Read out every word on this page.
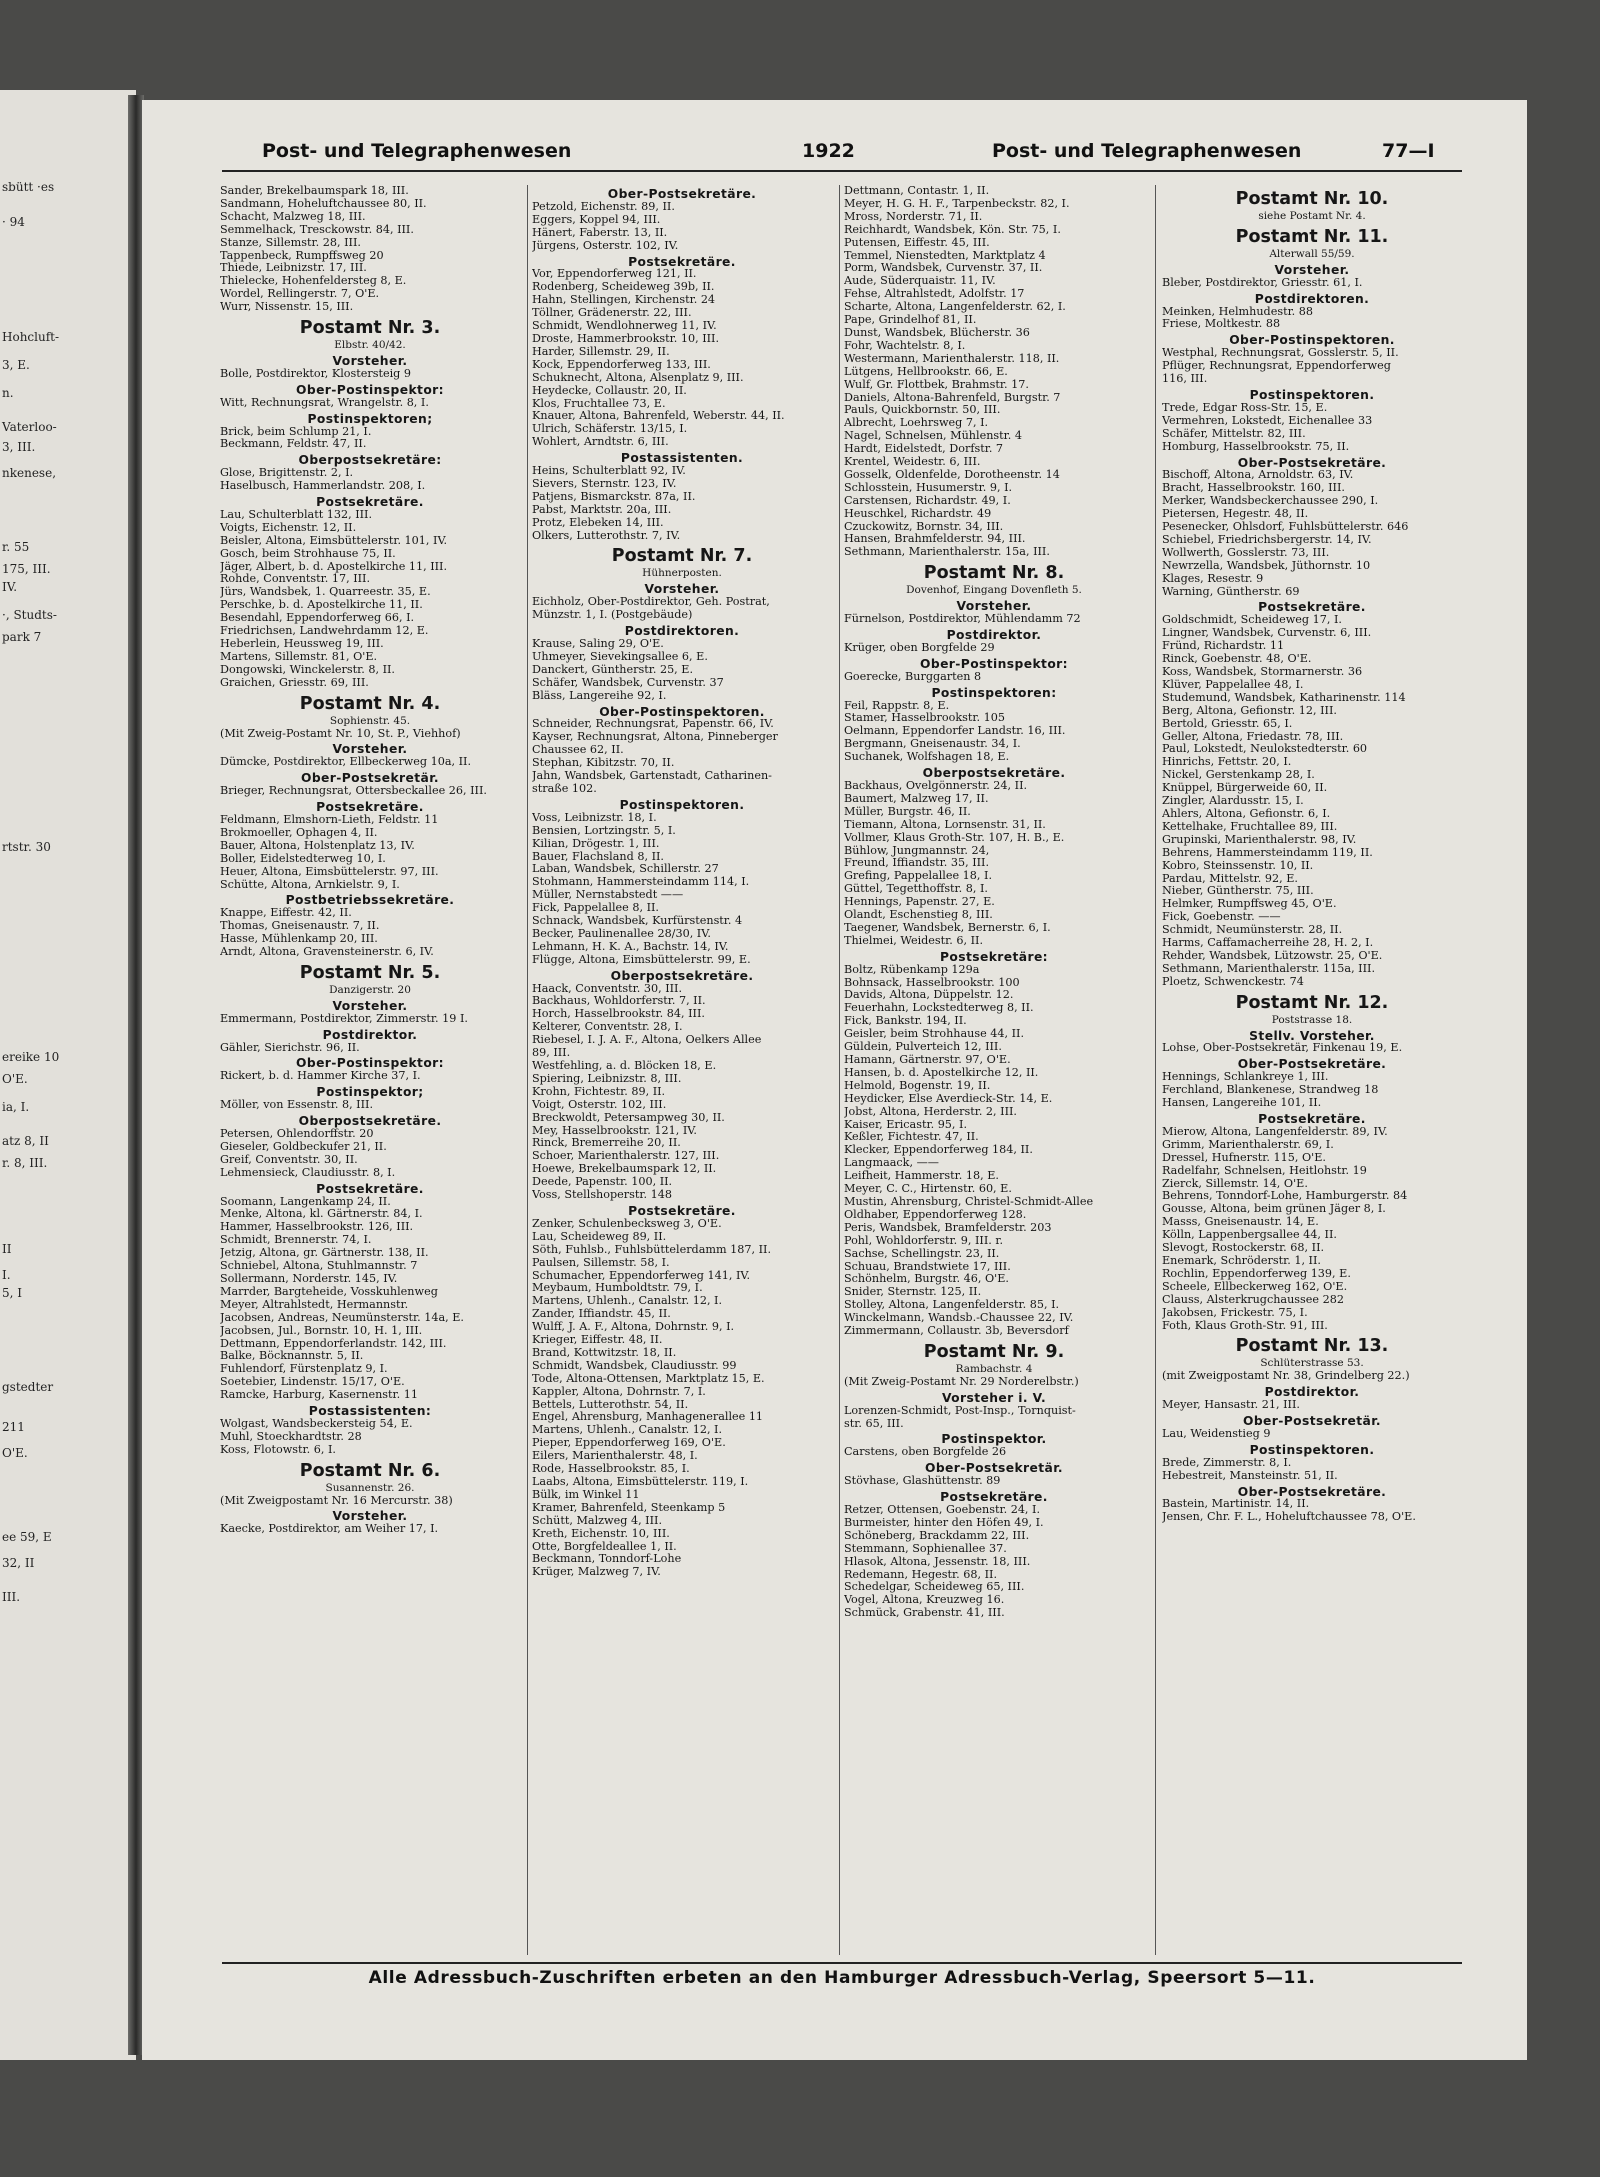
sbütt ·es
· 94
Hohcluft-
3, E.
n.
Vaterloo-
3, III.
nkenese,
r. 55
175, III.
IV.
·, Studts-
park 7
rtstr. 30
ereike 10
O'E.
ia, I.
atz 8, II
r. 8, III.
II
I.
5, I
gstedter
211
O'E.
ee 59, E
32, II
III.
Post- und Telegraphenwesen	1922	Post- und Telegraphenwesen	77—I
Sander, Brekelbaumspark 18, III.
Sandmann, Hoheluftchaussee 80, II.
Schacht, Malzweg 18, III.
Semmelhack, Tresckowstr. 84, III.
Stanze, Sillemstr. 28, III.
Tappenbeck, Rumpffsweg 20
Thiede, Leibnizstr. 17, III.
Thielecke, Hohenfeldersteg 8, E.
Wordel, Rellingerstr. 7, O'E.
Wurr, Nissenstr. 15, III.
Postamt Nr. 3.
Elbstr. 40/42.
Vorsteher.
Bolle, Postdirektor, Klostersteig 9
Ober-Postinspektor:
Witt, Rechnungsrat, Wrangelstr. 8, I.
Postinspektoren;
Brick, beim Schlump 21, I.
Beckmann, Feldstr. 47, II.
Oberpostsekretäre:
Glose, Brigittenstr. 2, I.
Haselbusch, Hammerlandstr. 208, I.
Postsekretäre.
Lau, Schulterblatt 132, III.
Voigts, Eichenstr. 12, II.
Beisler, Altona, Eimsbüttelerstr. 101, IV.
Gosch, beim Strohhause 75, II.
Jäger, Albert, b. d. Apostelkirche 11, III.
Rohde, Conventstr. 17, III.
Jürs, Wandsbek, 1. Quarreestr. 35, E.
Perschke, b. d. Apostelkirche 11, II.
Besendahl, Eppendorferweg 66, I.
Friedrichsen, Landwehrdamm 12, E.
Heberlein, Heussweg 19, III.
Martens, Sillemstr. 81, O'E.
Dongowski, Winckelerstr. 8, II.
Graichen, Griesstr. 69, III.
Postamt Nr. 4.
Sophienstr. 45.
(Mit Zweig-Postamt Nr. 10, St. P., Viehhof)
Vorsteher.
Dümcke, Postdirektor, Ellbeckerweg 10a, II.
Ober-Postsekretär.
Brieger, Rechnungsrat, Ottersbeckallee 26, III.
Postsekretäre.
Feldmann, Elmshorn-Lieth, Feldstr. 11
Brokmoeller, Ophagen 4, II.
Bauer, Altona, Holstenplatz 13, IV.
Boller, Eidelstedterweg 10, I.
Heuer, Altona, Eimsbüttelerstr. 97, III.
Schütte, Altona, Arnkielstr. 9, I.
Postbetriebssekretäre.
Knappe, Eiffestr. 42, II.
Thomas, Gneisenaustr. 7, II.
Hasse, Mühlenkamp 20, III.
Arndt, Altona, Gravensteinerstr. 6, IV.
Postamt Nr. 5.
Danzigerstr. 20
Vorsteher.
Emmermann, Postdirektor, Zimmerstr. 19 I.
Postdirektor.
Gähler, Sierichstr. 96, II.
Ober-Postinspektor:
Rickert, b. d. Hammer Kirche 37, I.
Postinspektor;
Möller, von Essenstr. 8, III.
Oberpostsekretäre.
Petersen, Ohlendorffstr. 20
Gieseler, Goldbeckufer 21, II.
Greif, Conventstr. 30, II.
Lehmensieck, Claudiusstr. 8, I.
Postsekretäre.
Soomann, Langenkamp 24, II.
Menke, Altona, kl. Gärtnerstr. 84, I.
Hammer, Hasselbrookstr. 126, III.
Schmidt, Brennerstr. 74, I.
Jetzig, Altona, gr. Gärtnerstr. 138, II.
Schniebel, Altona, Stuhlmannstr. 7
Sollermann, Norderstr. 145, IV.
Marrder, Bargteheide, Vosskuhlenweg
Meyer, Altrahlstedt, Hermannstr.
Jacobsen, Andreas, Neumünsterstr. 14a, E.
Jacobsen, Jul., Bornstr. 10, H. 1, III.
Dettmann, Eppendorferlandstr. 142, III.
Balke, Böcknannstr. 5, II.
Fuhlendorf, Fürstenplatz 9, I.
Soetebier, Lindenstr. 15/17, O'E.
Ramcke, Harburg, Kasernenstr. 11
Postassistenten:
Wolgast, Wandsbeckersteig 54, E.
Muhl, Stoeckhardtstr. 28
Koss, Flotowstr. 6, I.
Postamt Nr. 6.
Susannenstr. 26.
(Mit Zweigpostamt Nr. 16 Mercurstr. 38)
Vorsteher.
Kaecke, Postdirektor, am Weiher 17, I.
Ober-Postsekretäre.
Petzold, Eichenstr. 89, II.
Eggers, Koppel 94, III.
Hänert, Faberstr. 13, II.
Jürgens, Osterstr. 102, IV.
Postsekretäre.
Vor, Eppendorferweg 121, II.
Rodenberg, Scheideweg 39b, II.
Hahn, Stellingen, Kirchenstr. 24
Töllner, Grädenerstr. 22, III.
Schmidt, Wendlohnerweg 11, IV.
Droste, Hammerbrookstr. 10, III.
Harder, Sillemstr. 29, II.
Kock, Eppendorferweg 133, III.
Schuknecht, Altona, Alsenplatz 9, III.
Heydecke, Collaustr. 20, II.
Klos, Fruchtallee 73, E.
Knauer, Altona, Bahrenfeld, Weberstr. 44, II.
Ulrich, Schäferstr. 13/15, I.
Wohlert, Arndtstr. 6, III.
Postassistenten.
Heins, Schulterblatt 92, IV.
Sievers, Sternstr. 123, IV.
Patjens, Bismarckstr. 87a, II.
Pabst, Marktstr. 20a, III.
Protz, Elebeken 14, III.
Ölkers, Lutterothstr. 7, IV.
Postamt Nr. 7.
Hühnerposten.
Vorsteher.
Eichholz, Ober-Postdirektor, Geh. Postrat,
Münzstr. 1, I. (Postgebäude)
Postdirektoren.
Krause, Saling 29, O'E.
Uhmeyer, Sievekingsallee 6, E.
Danckert, Güntherstr. 25, E.
Schäfer, Wandsbek, Curvenstr. 37
Bläss, Langereihe 92, I.
Ober-Postinspektoren.
Schneider, Rechnungsrat, Papenstr. 66, IV.
Kayser, Rechnungsrat, Altona, Pinneberger
Chaussee 62, II.
Stephan, Kibitzstr. 70, II.
Jahn, Wandsbek, Gartenstadt, Catharinen-
straße 102.
Postinspektoren.
Voss, Leibnizstr. 18, I.
Bensien, Lortzingstr. 5, I.
Kilian, Drögestr. 1, III.
Bauer, Flachsland 8, II.
Laban, Wandsbek, Schillerstr. 27
Stohmann, Hammersteindamm 114, I.
Müller, Nernstabstedt ——
Fick, Pappelallee 8, II.
Schnack, Wandsbek, Kurfürstenstr. 4
Becker, Paulinenallee 28/30, IV.
Lehmann, H. K. A., Bachstr. 14, IV.
Flügge, Altona, Eimsbüttelerstr. 99, E.
Oberpostsekretäre.
Haack, Conventstr. 30, III.
Backhaus, Wohldorferstr. 7, II.
Horch, Hasselbrookstr. 84, III.
Kelterer, Conventstr. 28, I.
Riebesel, I. J. A. F., Altona, Oelkers Allee
89, III.
Westfehling, a. d. Blöcken 18, E.
Spiering, Leibnizstr. 8, III.
Krohn, Fichtestr. 89, II.
Voigt, Osterstr. 102, III.
Breckwoldt, Petersampweg 30, II.
Mey, Hasselbrookstr. 121, IV.
Rinck, Bremerreihe 20, II.
Schoer, Marienthalerstr. 127, III.
Hoewe, Brekelbaumspark 12, II.
Deede, Papenstr. 100, II.
Voss, Stellshoperstr. 148
Postsekretäre.
Zenker, Schulenbecksweg 3, O'E.
Lau, Scheideweg 89, II.
Söth, Fuhlsb., Fuhlsbüttelerdamm 187, II.
Paulsen, Sillemstr. 58, I.
Schumacher, Eppendorferweg 141, IV.
Meybaum, Humboldtstr. 79, I.
Martens, Uhlenh., Canalstr. 12, I.
Zander, Iffiandstr. 45, II.
Wulff, J. A. F., Altona, Dohrnstr. 9, I.
Krieger, Eiffestr. 48, II.
Brand, Kottwitzstr. 18, II.
Schmidt, Wandsbek, Claudiusstr. 99
Tode, Altona-Ottensen, Marktplatz 15, E.
Kappler, Altona, Dohrnstr. 7, I.
Bettels, Lutterothstr. 54, II.
Engel, Ahrensburg, Manhagenerallee 11
Martens, Uhlenh., Canalstr. 12, I.
Pieper, Eppendorferweg 169, O'E.
Eilers, Marienthalerstr. 48, I.
Rode, Hasselbrookstr. 85, I.
Laabs, Altona, Eimsbüttelerstr. 119, I.
Bülk, im Winkel 11
Kramer, Bahrenfeld, Steenkamp 5
Schütt, Malzweg 4, III.
Kreth, Eichenstr. 10, III.
Otte, Borgfeldeallee 1, II.
Beckmann, Tonndorf-Lohe
Krüger, Malzweg 7, IV.
Dettmann, Contastr. 1, II.
Meyer, H. G. H. F., Tarpenbeckstr. 82, I.
Mross, Norderstr. 71, II.
Reichhardt, Wandsbek, Kön. Str. 75, I.
Putensen, Eiffestr. 45, III.
Temmel, Nienstedten, Marktplatz 4
Porm, Wandsbek, Curvenstr. 37, II.
Aude, Süderquaistr. 11, IV.
Fehse, Altrahlstedt, Adolfstr. 17
Scharte, Altona, Langenfelderstr. 62, I.
Pape, Grindelhof 81, II.
Dunst, Wandsbek, Blücherstr. 36
Fohr, Wachtelstr. 8, I.
Westermann, Marienthalerstr. 118, II.
Lütgens, Hellbrookstr. 66, E.
Wulf, Gr. Flottbek, Brahmstr. 17.
Daniels, Altona-Bahrenfeld, Burgstr. 7
Pauls, Quickbornstr. 50, III.
Albrecht, Loehrsweg 7, I.
Nagel, Schnelsen, Mühlenstr. 4
Hardt, Eidelstedt, Dorfstr. 7
Krentel, Weidestr. 6, III.
Gosselk, Oldenfelde, Dorotheenstr. 14
Schlosstein, Husumerstr. 9, I.
Carstensen, Richardstr. 49, I.
Heuschkel, Richardstr. 49
Czuckowitz, Bornstr. 34, III.
Hansen, Brahmfelderstr. 94, III.
Sethmann, Marienthalerstr. 15a, III.
Postamt Nr. 8.
Dovenhof, Eingang Dovenfleth 5.
Vorsteher.
Fürnelson, Postdirektor, Mühlendamm 72
Postdirektor.
Krüger, oben Borgfelde 29
Ober-Postinspektor:
Goerecke, Burggarten 8
Postinspektoren:
Feil, Rappstr. 8, E.
Stamer, Hasselbrookstr. 105
Oelmann, Eppendorfer Landstr. 16, III.
Bergmann, Gneisenaustr. 34, I.
Suchanek, Wolfshagen 18, E.
Oberpostsekretäre.
Backhaus, Övelgönnerstr. 24, II.
Baumert, Malzweg 17, II.
Müller, Burgstr. 46, II.
Tiemann, Altona, Lornsenstr. 31, II.
Vollmer, Klaus Groth-Str. 107, H. B., E.
Bühlow, Jungmannstr. 24,
Freund, Iffiandstr. 35, III.
Grefing, Pappelallee 18, I.
Güttel, Tegetthoffstr. 8, I.
Hennings, Papenstr. 27, E.
Olandt, Eschenstieg 8, III.
Taegener, Wandsbek, Bernerstr. 6, I.
Thielmei, Weidestr. 6, II.
Postsekretäre:
Boltz, Rübenkamp 129a
Bohnsack, Hasselbrookstr. 100
Davids, Altona, Düppelstr. 12.
Feuerhahn, Lockstedterweg 8, II.
Fick, Bankstr. 194, II.
Geisler, beim Strohhause 44, II.
Güldein, Pulverteich 12, III.
Hamann, Gärtnerstr. 97, O'E.
Hansen, b. d. Apostelkirche 12, II.
Helmold, Bogenstr. 19, II.
Heydicker, Else Averdieck-Str. 14, E.
Jobst, Altona, Herderstr. 2, III.
Kaiser, Ericastr. 95, I.
Keßler, Fichtestr. 47, II.
Klecker, Eppendorferweg 184, II.
Langmaack, ——
Leifheit, Hammerstr. 18, E.
Meyer, C. C., Hirtenstr. 60, E.
Mustin, Ahrensburg, Christel-Schmidt-Allee
Oldhaber, Eppendorferweg 128.
Peris, Wandsbek, Bramfelderstr. 203
Pohl, Wohldorferstr. 9, III. r.
Sachse, Schellingstr. 23, II.
Schuau, Brandstwiete 17, III.
Schönhelm, Burgstr. 46, O'E.
Snider, Sternstr. 125, II.
Stolley, Altona, Langenfelderstr. 85, I.
Winckelmann, Wandsb.-Chaussee 22, IV.
Zimmermann, Collaustr. 3b, Beversdorf
Postamt Nr. 9.
Rambachstr. 4
(Mit Zweig-Postamt Nr. 29 Norderelbstr.)
Vorsteher i. V.
Lorenzen-Schmidt, Post-Insp., Tornquist-
str. 65, III.
Postinspektor.
Carstens, oben Borgfelde 26
Ober-Postsekretär.
Stövhase, Glashüttenstr. 89
Postsekretäre.
Retzer, Ottensen, Goebenstr. 24, I.
Burmeister, hinter den Höfen 49, I.
Schöneberg, Brackdamm 22, III.
Stemmann, Sophienallee 37.
Hlasok, Altona, Jessenstr. 18, III.
Redemann, Hegestr. 68, II.
Schedelgar, Scheideweg 65, III.
Vogel, Altona, Kreuzweg 16.
Schmück, Grabenstr. 41, III.
Postamt Nr. 10.
siehe Postamt Nr. 4.
Postamt Nr. 11.
Alterwall 55/59.
Vorsteher.
Bleber, Postdirektor, Griesstr. 61, I.
Postdirektoren.
Meinken, Helmhudestr. 88
Friese, Moltkestr. 88
Ober-Postinspektoren.
Westphal, Rechnungsrat, Gosslerstr. 5, II.
Pflüger, Rechnungsrat, Eppendorferweg
116, III.
Postinspektoren.
Trede, Edgar Ross-Str. 15, E.
Vermehren, Lokstedt, Eichenallee 33
Schäfer, Mittelstr. 82, III.
Homburg, Hasselbrookstr. 75, II.
Ober-Postsekretäre.
Bischoff, Altona, Arnoldstr. 63, IV.
Bracht, Hasselbrookstr. 160, III.
Merker, Wandsbeckerchaussee 290, I.
Pietersen, Hegestr. 48, II.
Pesenecker, Ohlsdorf, Fuhlsbüttelerstr. 646
Schiebel, Friedrichsbergerstr. 14, IV.
Wollwerth, Gosslerstr. 73, III.
Newrzella, Wandsbek, Jüthornstr. 10
Klages, Resestr. 9
Warning, Güntherstr. 69
Postsekretäre.
Goldschmidt, Scheideweg 17, I.
Lingner, Wandsbek, Curvenstr. 6, III.
Fründ, Richardstr. 11
Rinck, Goebenstr. 48, O'E.
Koss, Wandsbek, Stormarnerstr. 36
Klüver, Pappelallee 48, I.
Studemund, Wandsbek, Katharinenstr. 114
Berg, Altona, Gefionstr. 12, III.
Bertold, Griesstr. 65, I.
Geller, Altona, Friedastr. 78, III.
Paul, Lokstedt, Neulokstedterstr. 60
Hinrichs, Fettstr. 20, I.
Nickel, Gerstenkamp 28, I.
Knüppel, Bürgerweide 60, II.
Zingler, Alardusstr. 15, I.
Ahlers, Altona, Gefionstr. 6, I.
Kettelhake, Fruchtallee 89, III.
Grupinski, Marienthalerstr. 98, IV.
Behrens, Hammersteindamm 119, II.
Kobro, Steinssenstr. 10, II.
Pardau, Mittelstr. 92, E.
Nieber, Güntherstr. 75, III.
Helmker, Rumpffsweg 45, O'E.
Fick, Goebenstr. ——
Schmidt, Neumünsterstr. 28, II.
Harms, Caffamacherreihe 28, H. 2, I.
Rehder, Wandsbek, Lützowstr. 25, O'E.
Sethmann, Marienthalerstr. 115a, III.
Ploetz, Schwenckestr. 74
Postamt Nr. 12.
Poststrasse 18.
Stellv. Vorsteher.
Lohse, Ober-Postsekretär, Finkenau 19, E.
Ober-Postsekretäre.
Hennings, Schlankreye 1, III.
Ferchland, Blankenese, Strandweg 18
Hansen, Langereihe 101, II.
Postsekretäre.
Mierow, Altona, Langenfelderstr. 89, IV.
Grimm, Marienthalerstr. 69, I.
Dressel, Hufnerstr. 115, O'E.
Radelfahr, Schnelsen, Heitlohstr. 19
Zierck, Sillemstr. 14, O'E.
Behrens, Tonndorf-Lohe, Hamburgerstr. 84
Gousse, Altona, beim grünen Jäger 8, I.
Masss, Gneisenaustr. 14, E.
Kölln, Lappenbergsallee 44, II.
Slevogt, Rostockerstr. 68, II.
Enemark, Schröderstr. 1, II.
Rochlin, Eppendorferweg 139, E.
Scheele, Ellbeckerweg 162, O'E.
Clauss, Alsterkrugchaussee 282
Jakobsen, Frickestr. 75, I.
Foth, Klaus Groth-Str. 91, III.
Postamt Nr. 13.
Schlüterstrasse 53.
(mit Zweigpostamt Nr. 38, Grindelberg 22.)
Postdirektor.
Meyer, Hansastr. 21, III.
Ober-Postsekretär.
Lau, Weidenstieg 9
Postinspektoren.
Brede, Zimmerstr. 8, I.
Hebestreit, Mansteinstr. 51, II.
Ober-Postsekretäre.
Bastein, Martinistr. 14, II.
Jensen, Chr. F. L., Hoheluftchaussee 78, O'E.
Alle Adressbuch-Zuschriften erbeten an den Hamburger Adressbuch-Verlag, Speersort 5—11.
